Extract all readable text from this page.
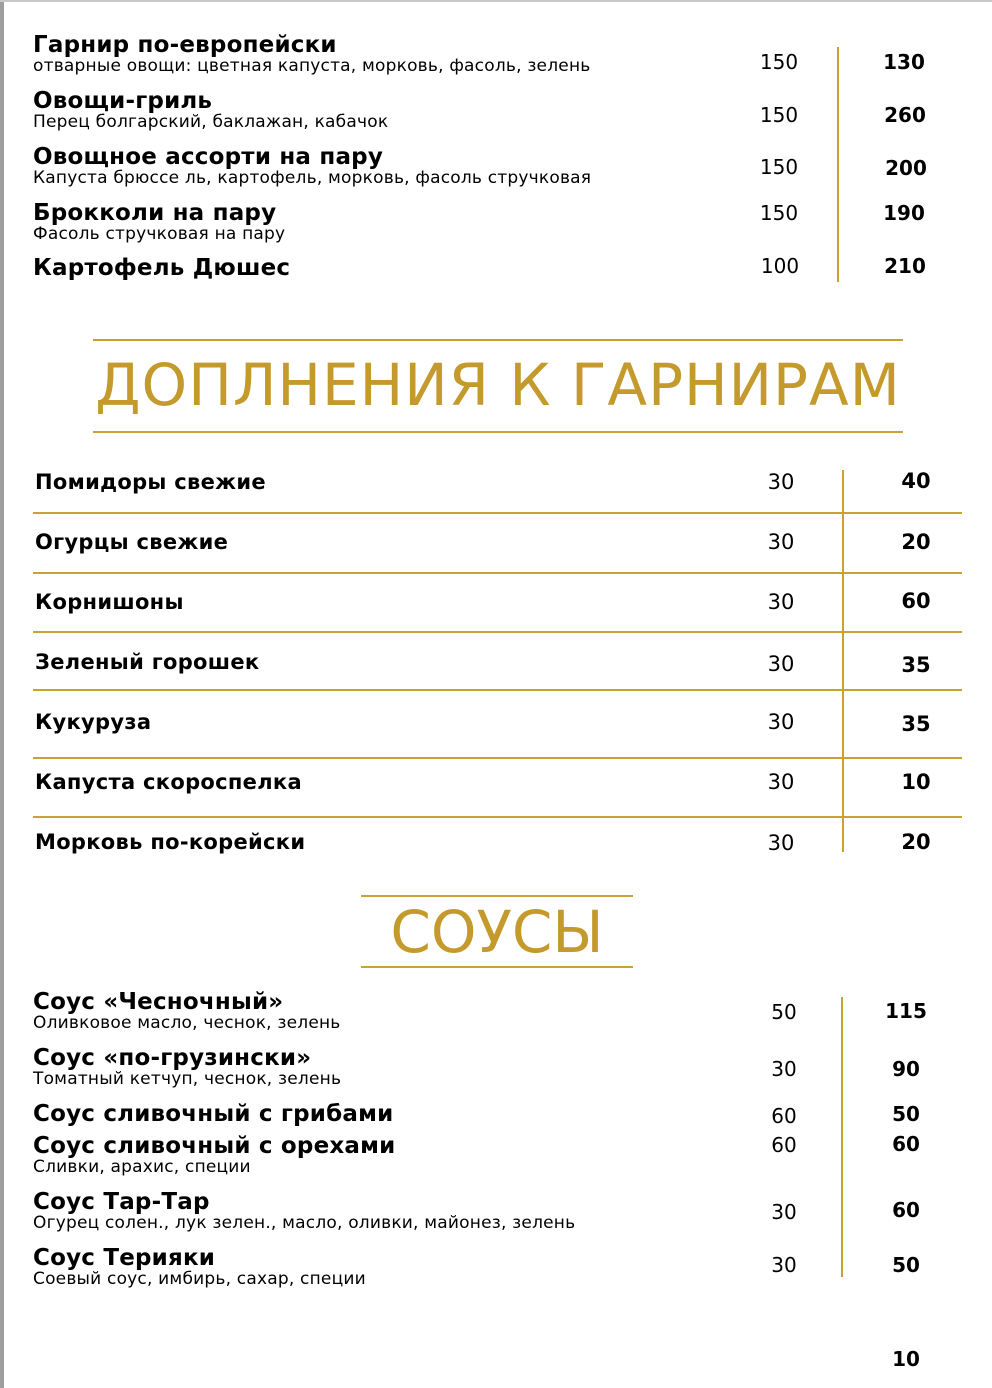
Гарнир по-европейски
отварные овощи: цветная капуста, морковь, фасоль, зелень	150	130
Овощи-гриль
Перец болгарский, баклажан, кабачок	150	260
Овощное ассорти на пару
Капуста брюссе ль, картофель, морковь, фасоль стручковая	150	200
Брокколи на пару
Фасоль стручковая на пару
150	190
Картофель Дюшес	100	210
ДОПЛНЕНИЯ К ГАРНИРАМ
Помидоры свежие	30	40
Огурцы свежие	30	20
Корнишоны	30	60
Зеленый горошек	30	35
Кукуруза	30	35
Капуста скороспелка	30	10
Морковь по-корейски	30	20
СОУСЫ
Соус «Чесночный»
Оливковое масло, чеснок, зелень	50	115
Соус «по-грузински»
Томатный кетчуп, чеснок, зелень	30	90
Соус сливочный с грибами	60	50
Соус сливочный с орехами
Сливки, арахис, специи
60	60
Соус Тар-Тар
Огурец солен., лук зелен., масло, оливки, майонез, зелень	30	60
Соус Терияки
Соевый соус, имбирь, сахар, специи
30	50
10
